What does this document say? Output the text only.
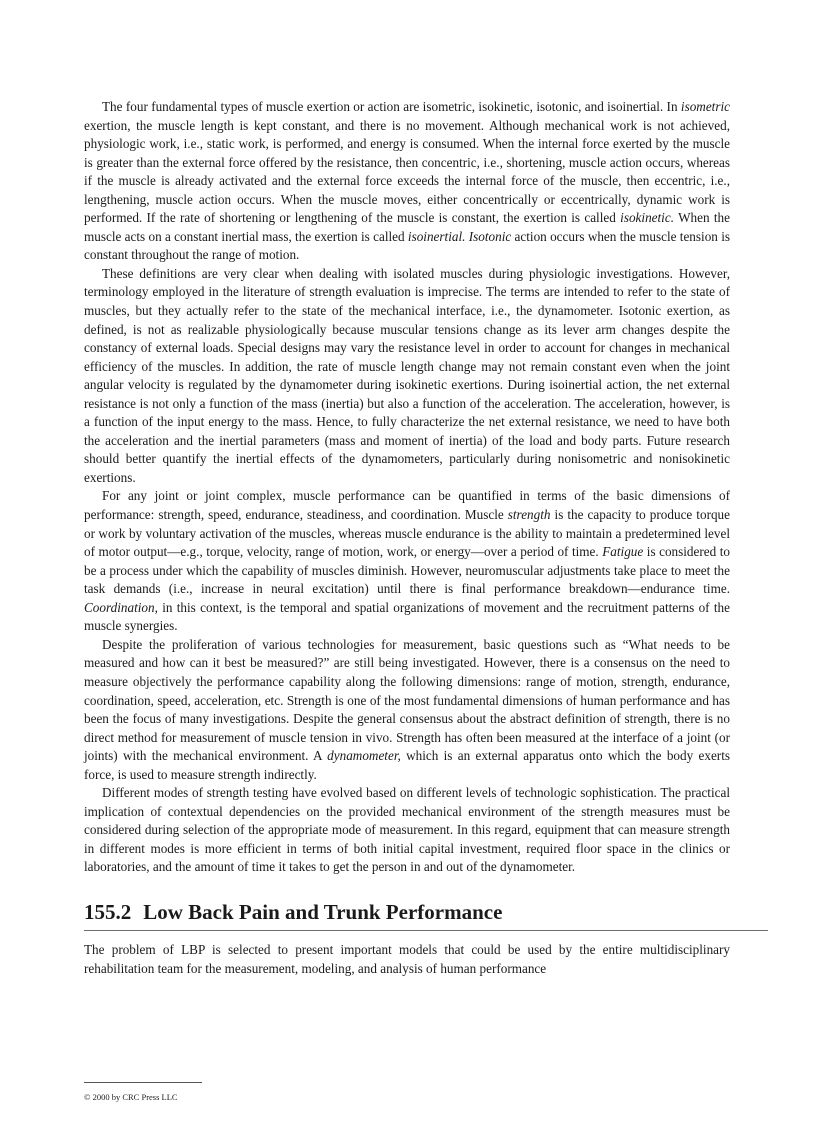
The four fundamental types of muscle exertion or action are isometric, isokinetic, isotonic, and isoinertial. In isometric exertion, the muscle length is kept constant, and there is no movement. Although mechanical work is not achieved, physiologic work, i.e., static work, is performed, and energy is consumed. When the internal force exerted by the muscle is greater than the external force offered by the resistance, then concentric, i.e., shortening, muscle action occurs, whereas if the muscle is already activated and the external force exceeds the internal force of the muscle, then eccentric, i.e., lengthening, muscle action occurs. When the muscle moves, either concentrically or eccentrically, dynamic work is performed. If the rate of shortening or lengthening of the muscle is constant, the exertion is called isokinetic. When the muscle acts on a constant inertial mass, the exertion is called isoinertial. Isotonic action occurs when the muscle tension is constant throughout the range of motion.

These definitions are very clear when dealing with isolated muscles during physiologic investigations. However, terminology employed in the literature of strength evaluation is imprecise. The terms are intended to refer to the state of muscles, but they actually refer to the state of the mechanical interface, i.e., the dynamometer. Isotonic exertion, as defined, is not as realizable physiologically because muscular tensions change as its lever arm changes despite the constancy of external loads. Special designs may vary the resistance level in order to account for changes in mechanical efficiency of the muscles. In addition, the rate of muscle length change may not remain constant even when the joint angular velocity is regulated by the dynamometer during isokinetic exertions. During isoinertial action, the net external resistance is not only a function of the mass (inertia) but also a function of the acceleration. The acceleration, however, is a function of the input energy to the mass. Hence, to fully characterize the net external resistance, we need to have both the acceleration and the inertial parameters (mass and moment of inertia) of the load and body parts. Future research should better quantify the inertial effects of the dynamometers, particularly during nonisometric and nonisokinetic exertions.

For any joint or joint complex, muscle performance can be quantified in terms of the basic dimensions of performance: strength, speed, endurance, steadiness, and coordination. Muscle strength is the capacity to produce torque or work by voluntary activation of the muscles, whereas muscle endurance is the ability to maintain a predetermined level of motor output—e.g., torque, velocity, range of motion, work, or energy—over a period of time. Fatigue is considered to be a process under which the capability of muscles diminish. However, neuromuscular adjustments take place to meet the task demands (i.e., increase in neural excitation) until there is final performance breakdown—endurance time. Coordination, in this context, is the temporal and spatial organizations of movement and the recruitment patterns of the muscle synergies.

Despite the proliferation of various technologies for measurement, basic questions such as “What needs to be measured and how can it best be measured?” are still being investigated. However, there is a consensus on the need to measure objectively the performance capability along the following dimensions: range of motion, strength, endurance, coordination, speed, acceleration, etc. Strength is one of the most fundamental dimensions of human performance and has been the focus of many investigations. Despite the general consensus about the abstract definition of strength, there is no direct method for measurement of muscle tension in vivo. Strength has often been measured at the interface of a joint (or joints) with the mechanical environment. A dynamometer, which is an external apparatus onto which the body exerts force, is used to measure strength indirectly.

Different modes of strength testing have evolved based on different levels of technologic sophistication. The practical implication of contextual dependencies on the provided mechanical environment of the strength measures must be considered during selection of the appropriate mode of measurement. In this regard, equipment that can measure strength in different modes is more efficient in terms of both initial capital investment, required floor space in the clinics or laboratories, and the amount of time it takes to get the person in and out of the dynamometer.

155.2 Low Back Pain and Trunk Performance

The problem of LBP is selected to present important models that could be used by the entire multidisciplinary rehabilitation team for the measurement, modeling, and analysis of human performance

© 2000 by CRC Press LLC
